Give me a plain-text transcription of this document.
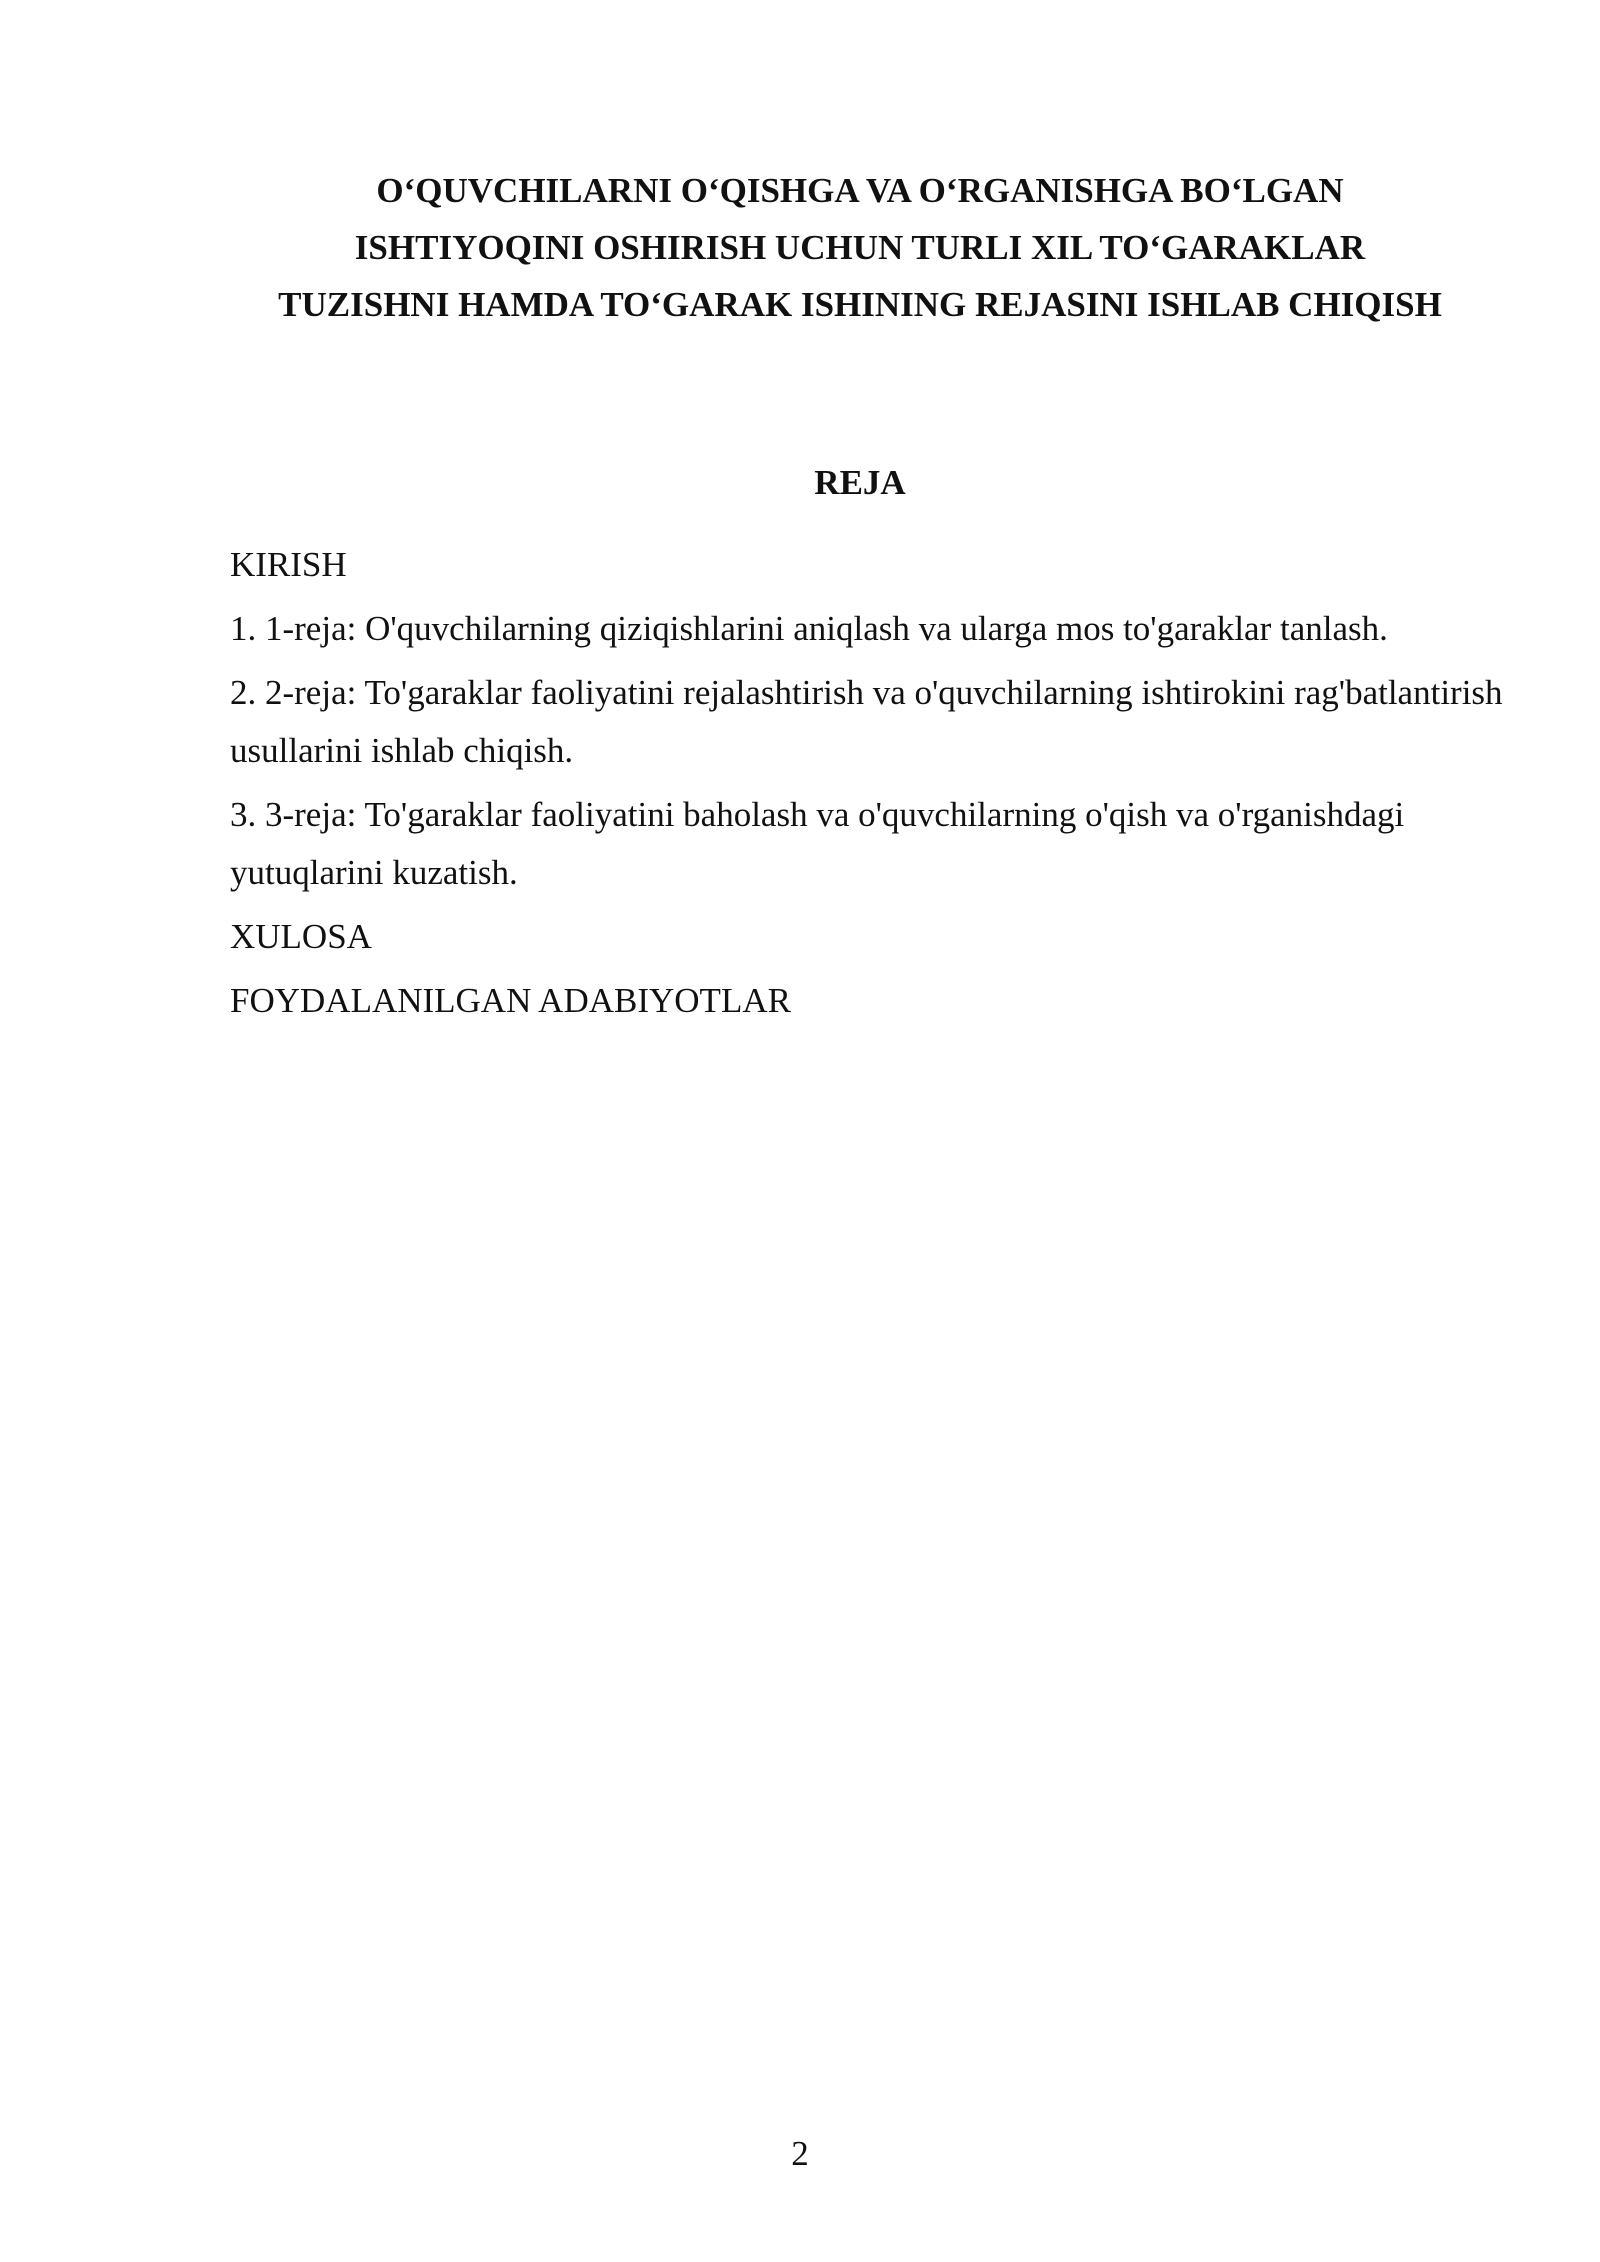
O‘QUVCHILARNI O‘QISHGA VA O‘RGANISHGA BO‘LGAN
ISHTIYOQINI OSHIRISH UCHUN TURLI XIL TO‘GARAKLAR
TUZISHNI HAMDA TO‘GARAK ISHINING REJASINI ISHLAB CHIQISH
REJA

KIRISH

1. 1-reja: O'quvchilarning qiziqishlarini aniqlash va ularga mos to'garaklar tanlash.

2. 2-reja: To'garaklar faoliyatini rejalashtirish va o'quvchilarning ishtirokini rag'batlantirish usullarini ishlab chiqish.

3. 3-reja: To'garaklar faoliyatini baholash va o'quvchilarning o'qish va o'rganishdagi yutuqlarini kuzatish.

XULOSA

FOYDALANILGAN ADABIYOTLAR

2
